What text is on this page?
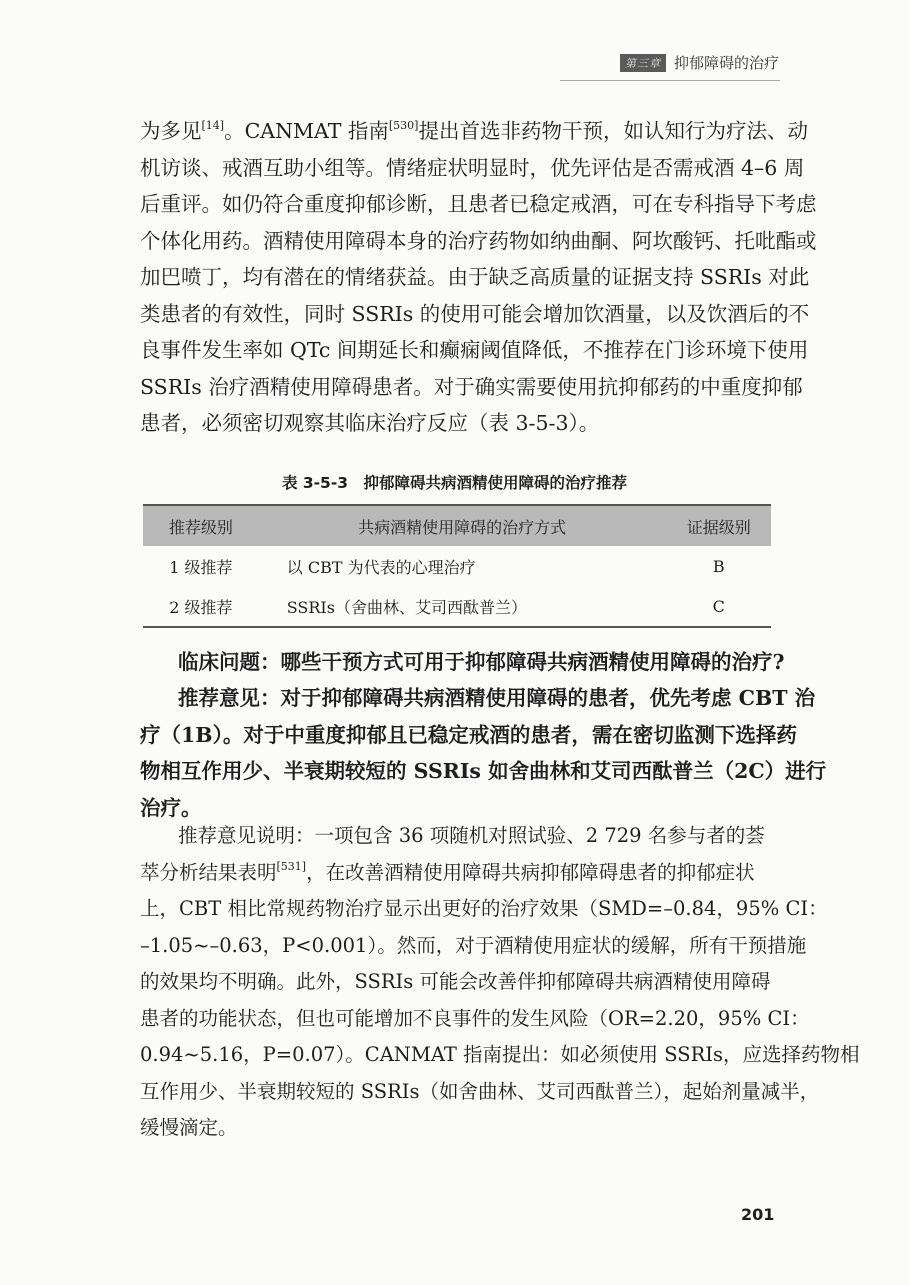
第三章 抑郁障碍的治疗
为多见[14]。CANMAT 指南[530]提出首选非药物干预，如认知行为疗法、动
机访谈、戒酒互助小组等。情绪症状明显时，优先评估是否需戒酒 4–6 周
后重评。如仍符合重度抑郁诊断，且患者已稳定戒酒，可在专科指导下考虑
个体化用药。酒精使用障碍本身的治疗药物如纳曲酮、阿坎酸钙、托吡酯或
加巴喷丁，均有潜在的情绪获益。由于缺乏高质量的证据支持 SSRIs 对此
类患者的有效性，同时 SSRIs 的使用可能会增加饮酒量，以及饮酒后的不
良事件发生率如 QTc 间期延长和癫痫阈值降低，不推荐在门诊环境下使用
SSRIs 治疗酒精使用障碍患者。对于确实需要使用抗抑郁药的中重度抑郁
患者，必须密切观察其临床治疗反应（表 3-5-3）。
表 3-5-3　抑郁障碍共病酒精使用障碍的治疗推荐
推荐级别	共病酒精使用障碍的治疗方式	证据级别
1 级推荐	以 CBT 为代表的心理治疗	B
2 级推荐	SSRIs（舍曲林、艾司西酞普兰）	C
临床问题：哪些干预方式可用于抑郁障碍共病酒精使用障碍的治疗?
推荐意见：对于抑郁障碍共病酒精使用障碍的患者，优先考虑 CBT 治
疗（1B）。对于中重度抑郁且已稳定戒酒的患者，需在密切监测下选择药
物相互作用少、半衰期较短的 SSRIs 如舍曲林和艾司西酞普兰（2C）进行
治疗。
推荐意见说明：一项包含 36 项随机对照试验、2 729 名参与者的荟
萃分析结果表明[531]，在改善酒精使用障碍共病抑郁障碍患者的抑郁症状
上，CBT 相比常规药物治疗显示出更好的治疗效果（SMD=–0.84，95% CI：
–1.05~–0.63，P<0.001）。然而，对于酒精使用症状的缓解，所有干预措施
的效果均不明确。此外，SSRIs 可能会改善伴抑郁障碍共病酒精使用障碍
患者的功能状态，但也可能增加不良事件的发生风险（OR=2.20，95% CI：
0.94~5.16，P=0.07）。CANMAT 指南提出：如必须使用 SSRIs，应选择药物相
互作用少、半衰期较短的 SSRIs（如舍曲林、艾司西酞普兰），起始剂量减半，
缓慢滴定。
201
